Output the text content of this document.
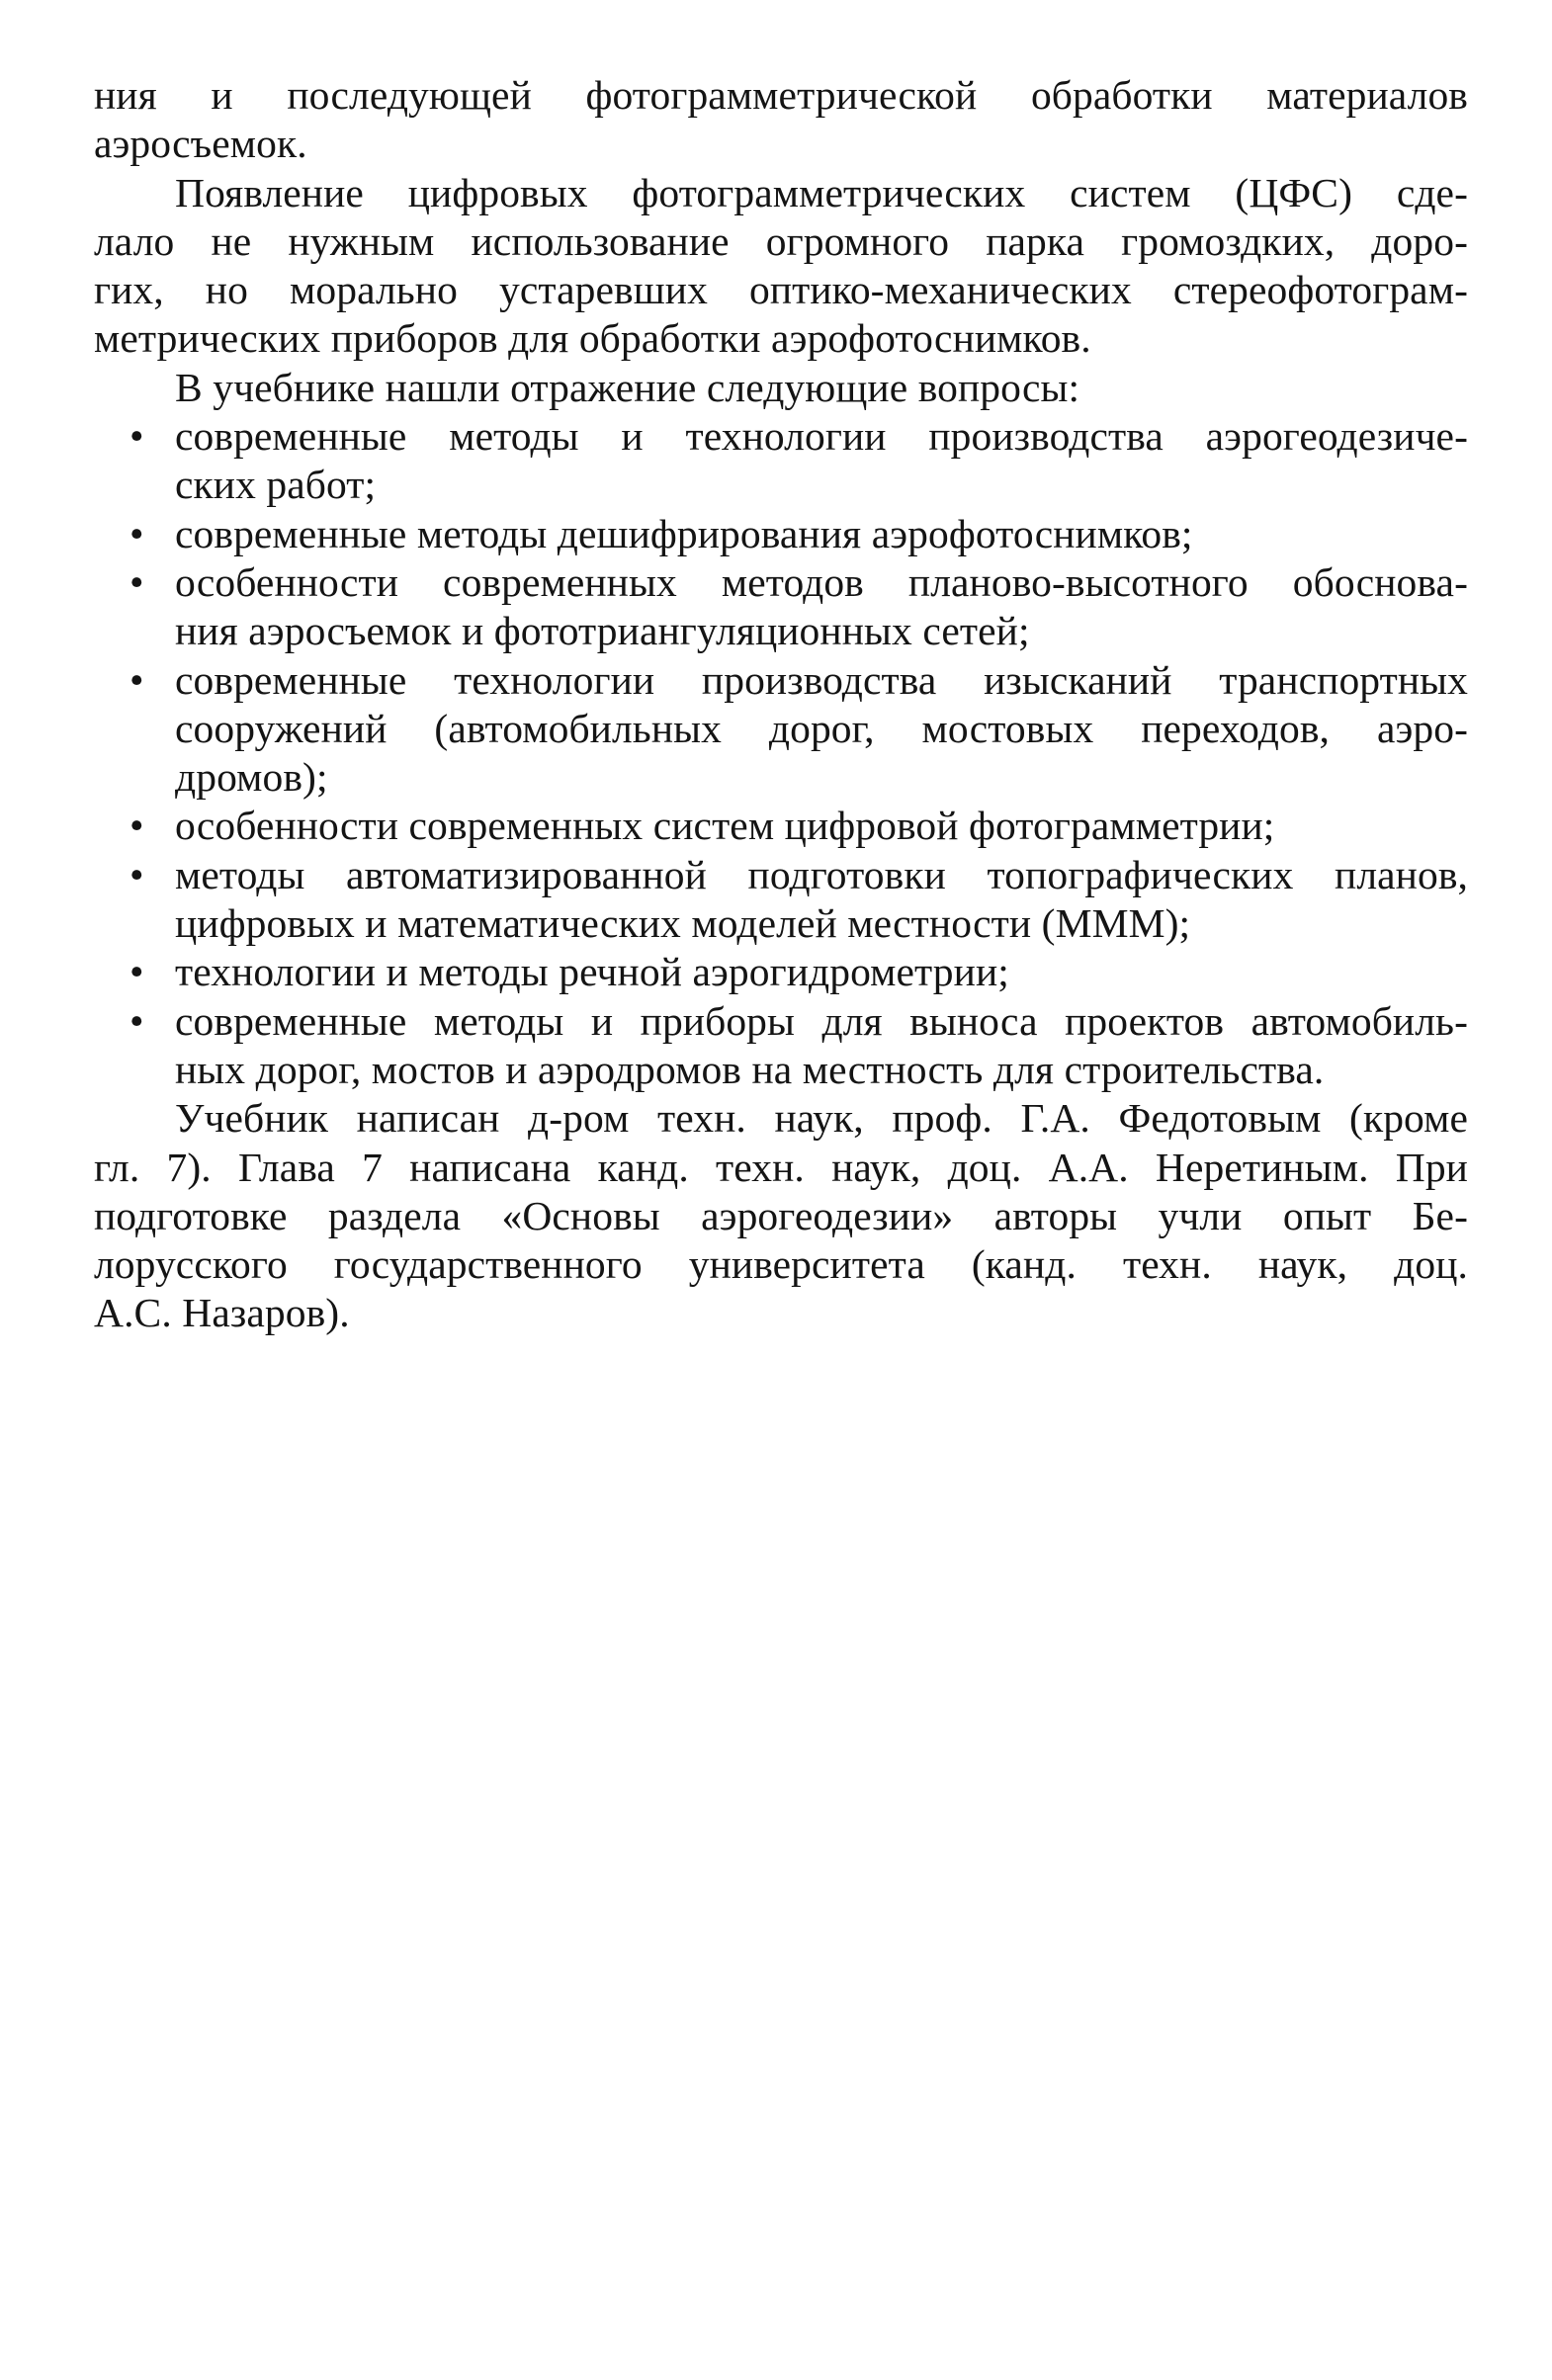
ния и последующей фотограмметрической обработки материалов
аэросъемок.
Появление цифровых фотограмметрических систем (ЦФС) сде-
лало не нужным использование огромного парка громоздких, доро-
гих, но морально устаревших оптико-механических стереофотограм-
метрических приборов для обработки аэрофотоснимков.
В учебнике нашли отражение следующие вопросы:
• современные методы и технологии производства аэрогеодезиче-
ских работ;
• современные методы дешифрирования аэрофотоснимков;
• особенности современных методов планово-высотного обоснова-
ния аэросъемок и фототриангуляционных сетей;
• современные технологии производства изысканий транспортных
сооружений (автомобильных дорог, мостовых переходов, аэро-
дромов);
• особенности современных систем цифровой фотограмметрии;
• методы автоматизированной подготовки топографических планов,
цифровых и математических моделей местности (МММ);
• технологии и методы речной аэрогидрометрии;
• современные методы и приборы для выноса проектов автомобиль-
ных дорог, мостов и аэродромов на местность для строительства.
Учебник написан д-ром техн. наук, проф. Г.А. Федотовым (кроме
гл. 7). Глава 7 написана канд. техн. наук, доц. А.А. Неретиным. При
подготовке раздела «Основы аэрогеодезии» авторы учли опыт Бе-
лорусского государственного университета (канд. техн. наук, доц.
А.С. Назаров).
